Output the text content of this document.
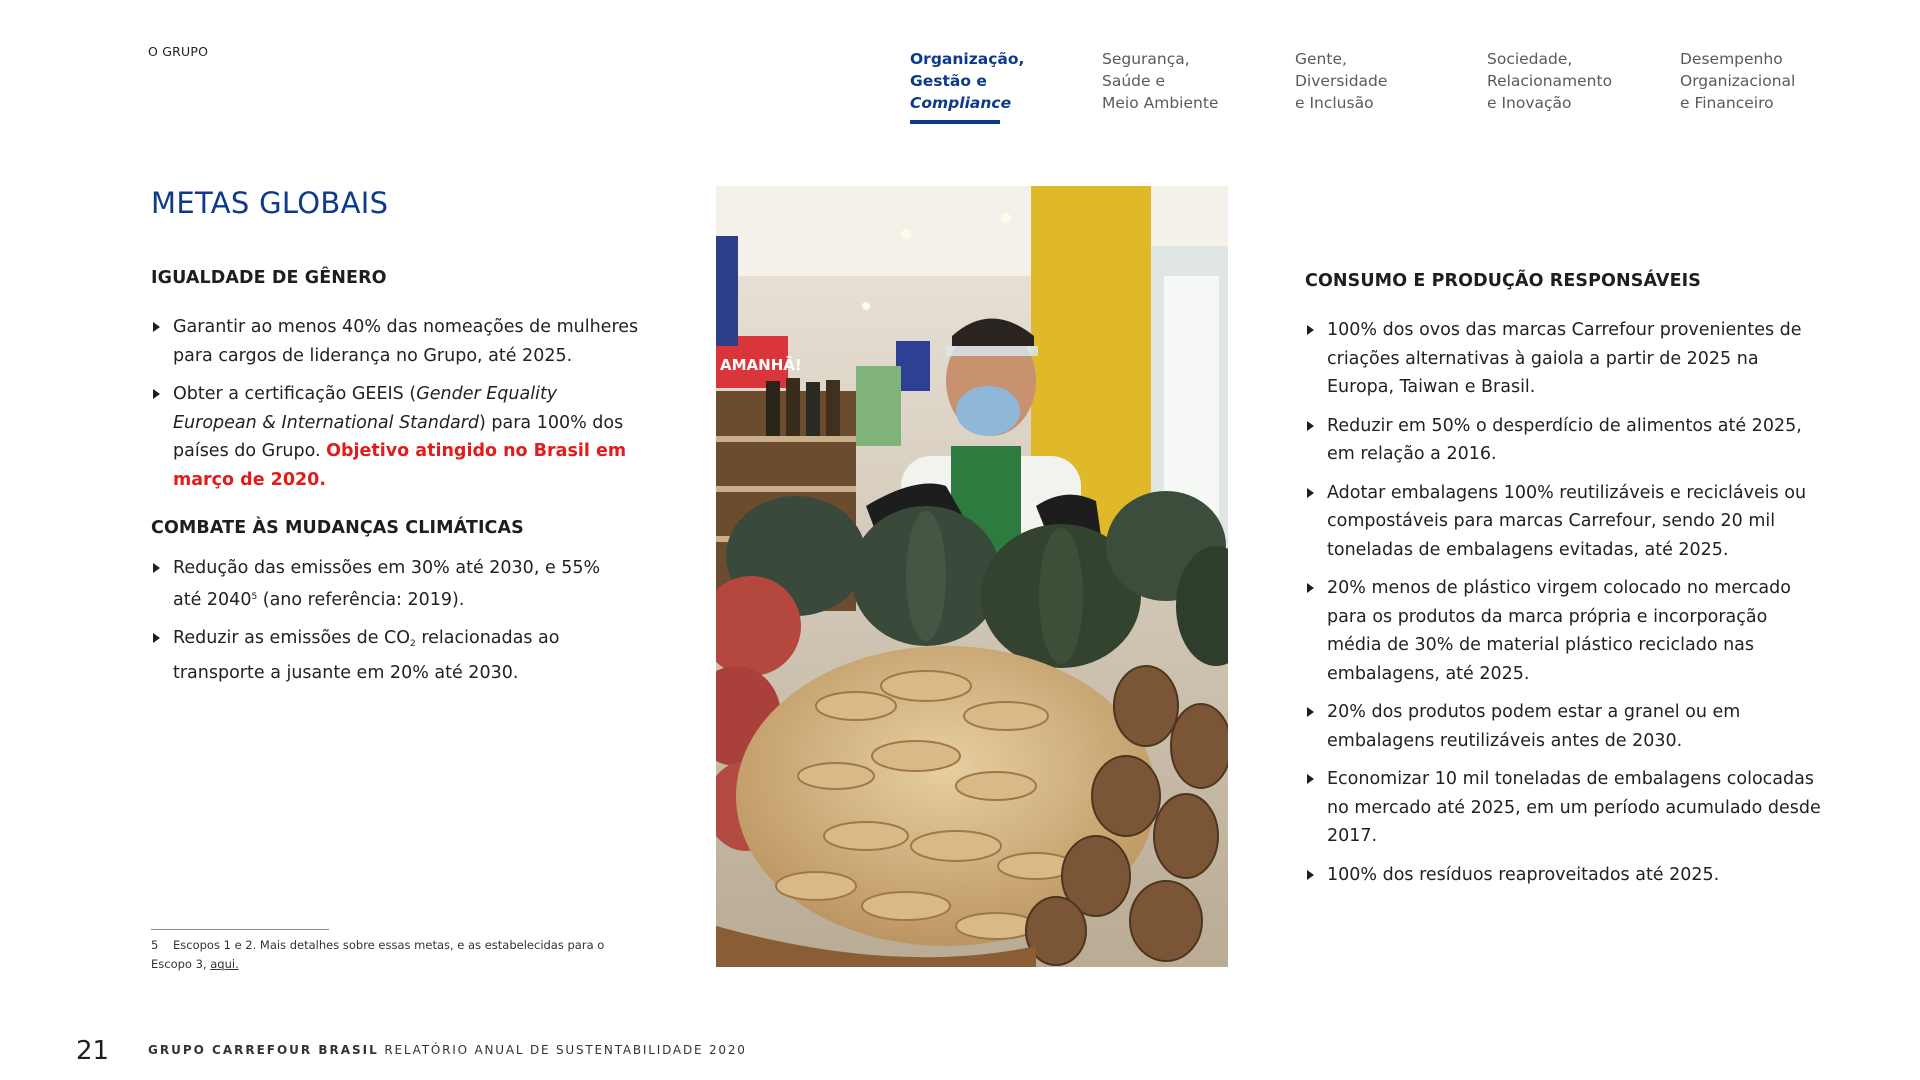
O GRUPO	Organização,
Gestão e
Compliance
Segurança,
Saúde e
Meio Ambiente
Gente,
Diversidade
e Inclusão
Sociedade,
Relacionamento
e Inovação
Desempenho
Organizacional
e Financeiro
METAS GLOBAIS
IGUALDADE DE GÊNERO
Garantir ao menos 40% das nomeações de mulheres para cargos de liderança no Grupo, até 2025.
Obter a certificação GEEIS (Gender Equality European & International Standard) para 100% dos países do Grupo. Objetivo atingido no Brasil em março de 2020.
COMBATE ÀS MUDANÇAS CLIMÁTICAS
Redução das emissões em 30% até 2030, e 55% até 2040$^5$ (ano referência: 2019).
Reduzir as emissões de $CO_2$ relacionadas ao transporte a jusante em 20% até 2030.
AMANHÃ!
CONSUMO E PRODUÇÃO RESPONSÁVEIS
100% dos ovos das marcas Carrefour provenientes de criações alternativas à gaiola a partir de 2025 na Europa, Taiwan e Brasil.
Reduzir em 50% o desperdício de alimentos até 2025, em relação a 2016.
Adotar embalagens 100% reutilizáveis e recicláveis ou compostáveis para marcas Carrefour, sendo 20 mil toneladas de embalagens evitadas, até 2025.
20% menos de plástico virgem colocado no mercado para os produtos da marca própria e incorporação média de 30% de material plástico reciclado nas embalagens, até 2025.
20% dos produtos podem estar a granel ou em embalagens reutilizáveis antes de 2030.
Economizar 10 mil toneladas de embalagens colocadas no mercado até 2025, em um período acumulado desde 2017.
100% dos resíduos reaproveitados até 2025.
5 Escopos 1 e 2. Mais detalhes sobre essas metas, e as estabelecidas para o Escopo 3, aqui.
21	GRUPO CARREFOUR BRASIL RELATÓRIO ANUAL DE SUSTENTABILIDADE 2020
